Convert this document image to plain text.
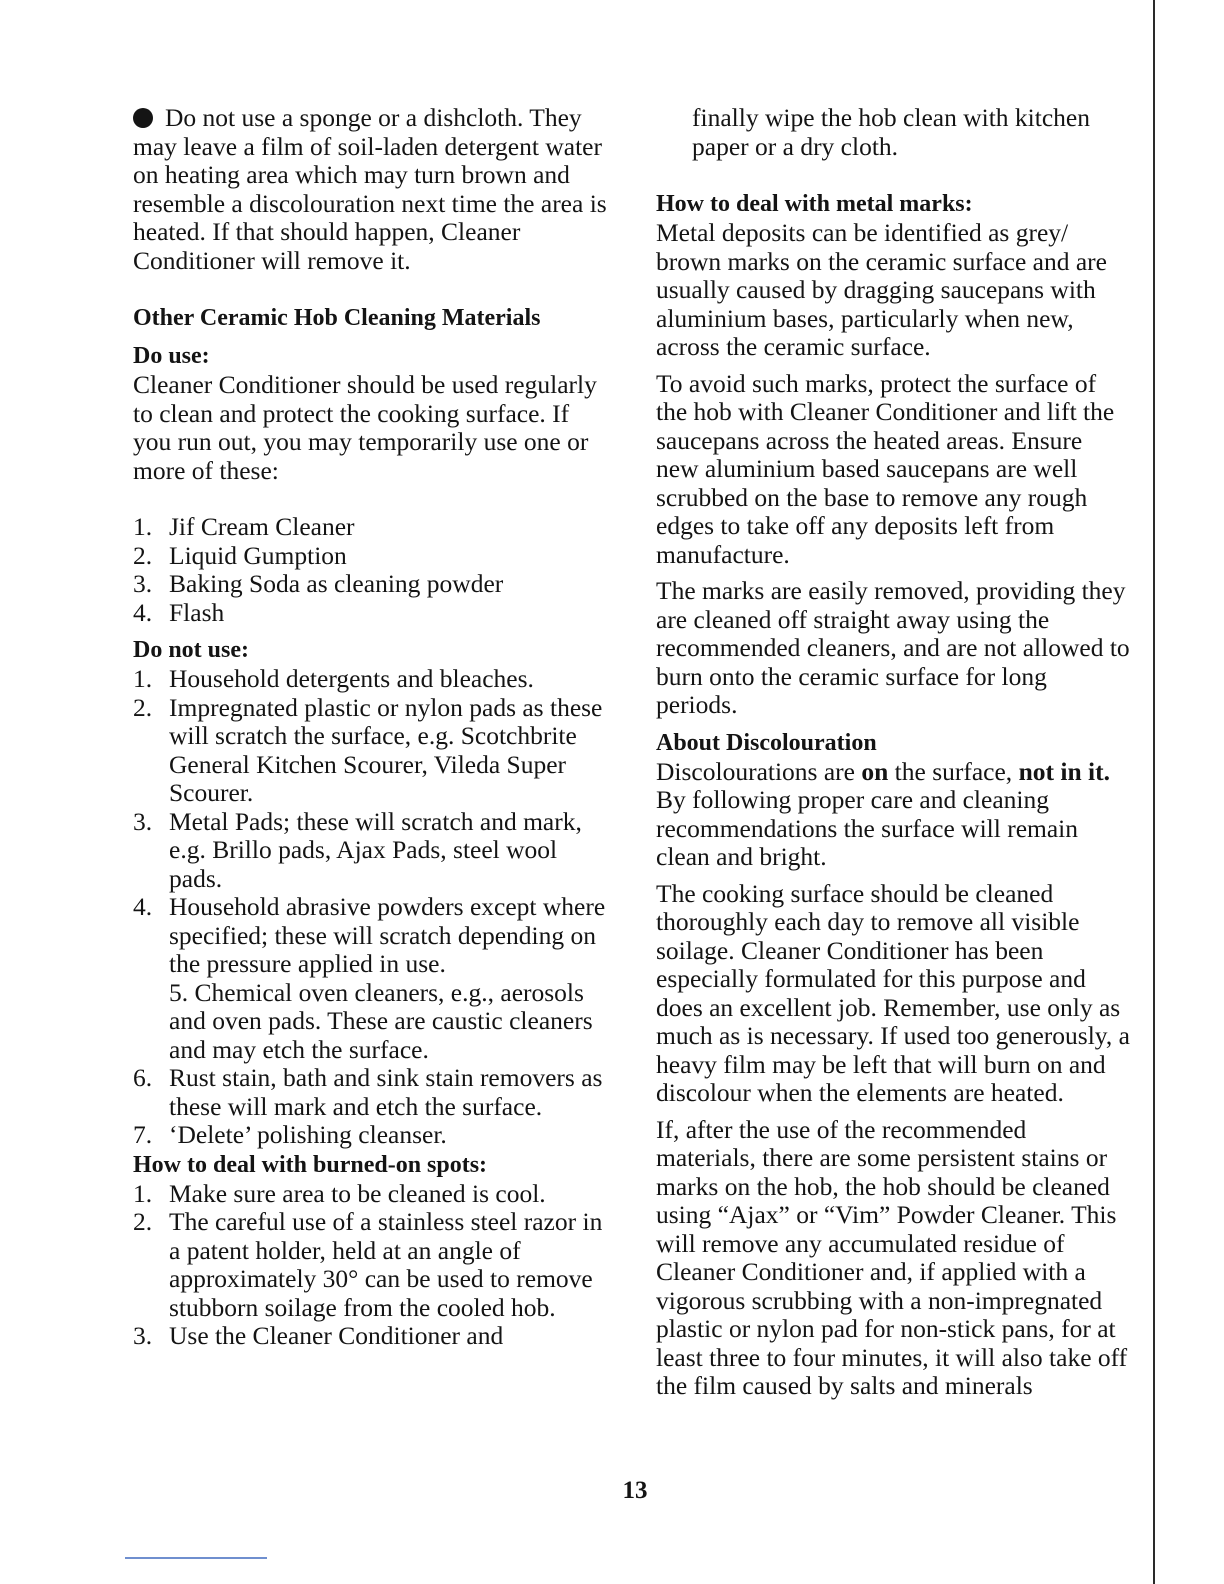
Do not use a sponge or a dishcloth. They may leave a film of soil-laden detergent water on heating area which may turn brown and resemble a discolouration next time the area is heated. If that should happen, Cleaner Conditioner will remove it.

Other Ceramic Hob Cleaning Materials
Do use:

Cleaner Conditioner should be used regularly to clean and protect the cooking surface. If you run out, you may temporarily use one or more of these:

1. Jif Cream Cleaner
2. Liquid Gumption
3. Baking Soda as cleaning powder
4. Flash
Do not use:
1. Household detergents and bleaches.
2. Impregnated plastic or nylon pads as these will scratch the surface, e.g. Scotchbrite General Kitchen Scourer, Vileda Super Scourer.
3. Metal Pads; these will scratch and mark, e.g. Brillo pads, Ajax Pads, steel wool pads.
4. Household abrasive powders except where specified; these will scratch depending on the pressure applied in use.
5. Chemical oven cleaners, e.g., aerosols and oven pads. These are caustic cleaners and may etch the surface.
6. Rust stain, bath and sink stain removers as these will mark and etch the surface.
7. ‘Delete’ polishing cleanser.
How to deal with burned-on spots:
1. Make sure area to be cleaned is cool.
2. The careful use of a stainless steel razor in a patent holder, held at an angle of approximately 30° can be used to remove stubborn soilage from the cooled hob.
3. Use the Cleaner Conditioner and

finally wipe the hob clean with kitchen paper or a dry cloth.

How to deal with metal marks:

Metal deposits can be identified as grey/ brown marks on the ceramic surface and are usually caused by dragging saucepans with aluminium bases, particularly when new, across the ceramic surface.

To avoid such marks, protect the surface of the hob with Cleaner Conditioner and lift the saucepans across the heated areas. Ensure new aluminium based saucepans are well scrubbed on the base to remove any rough edges to take off any deposits left from manufacture.

The marks are easily removed, providing they are cleaned off straight away using the recommended cleaners, and are not allowed to burn onto the ceramic surface for long periods.

About Discolouration

Discolourations are on the surface, not in it. By following proper care and cleaning recommendations the surface will remain clean and bright.

The cooking surface should be cleaned thoroughly each day to remove all visible soilage. Cleaner Conditioner has been especially formulated for this purpose and does an excellent job. Remember, use only as much as is necessary. If used too generously, a heavy film may be left that will burn on and discolour when the elements are heated.

If, after the use of the recommended materials, there are some persistent stains or marks on the hob, the hob should be cleaned using “Ajax” or “Vim” Powder Cleaner. This will remove any accumulated residue of Cleaner Conditioner and, if applied with a vigorous scrubbing with a non-impregnated plastic or nylon pad for non-stick pans, for at least three to four minutes, it will also take off the film caused by salts and minerals

13
